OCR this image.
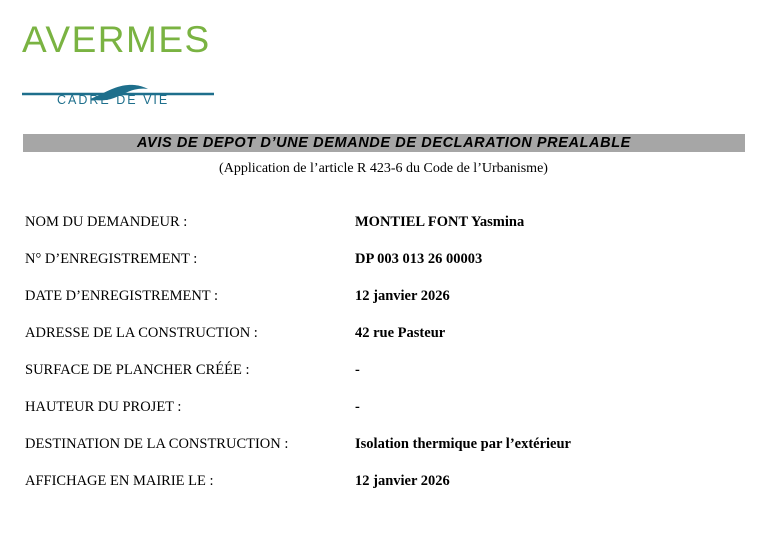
AVERMES
CADRE DE VIE
AVIS DE DEPOT D’UNE DEMANDE DE DECLARATION PREALABLE
(Application de l’article R 423-6 du Code de l’Urbanisme)
NOM DU DEMANDEUR :	MONTIEL FONT Yasmina
N° D’ENREGISTREMENT :	DP 003 013 26 00003
DATE D’ENREGISTREMENT :	12 janvier 2026
ADRESSE DE LA CONSTRUCTION :	42 rue Pasteur
SURFACE DE PLANCHER CRÉÉE :	-
HAUTEUR DU PROJET :	-
DESTINATION DE LA CONSTRUCTION :	Isolation thermique par l’extérieur
AFFICHAGE EN MAIRIE LE :	12 janvier 2026
